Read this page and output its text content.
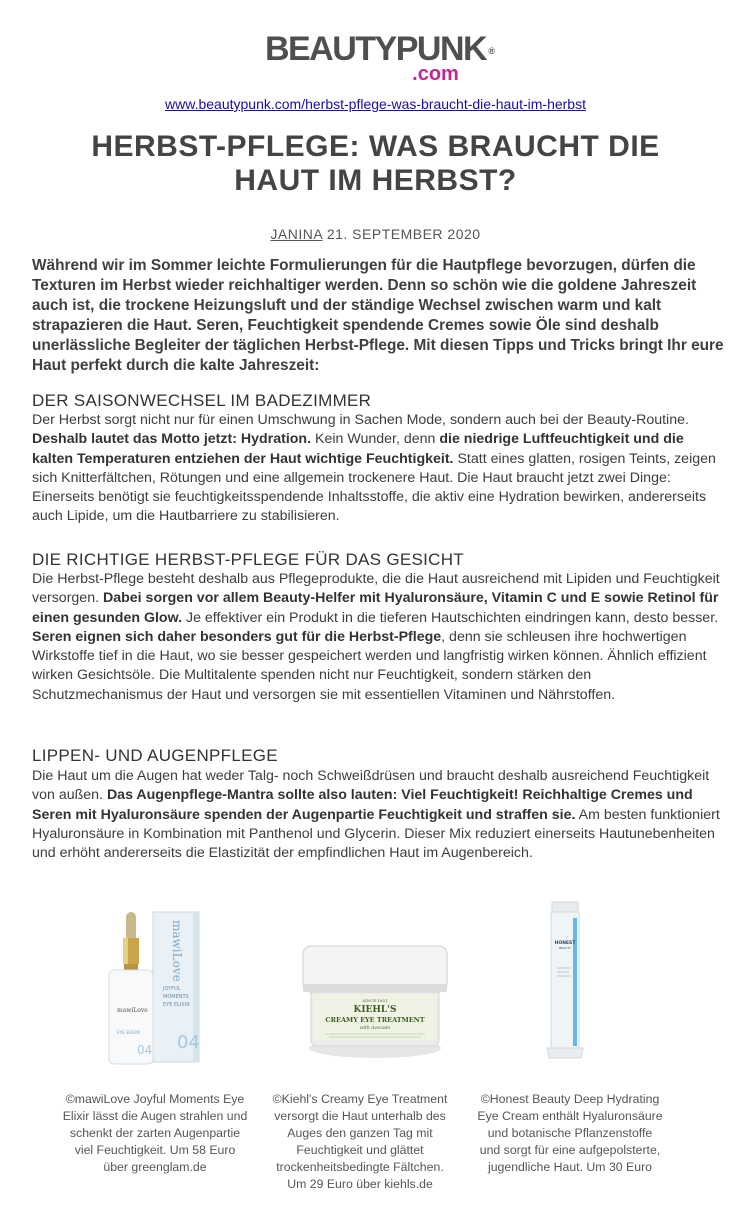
BEAUTYPUNK ®
.com
www.beautypunk.com/herbst-pflege-was-braucht-die-haut-im-herbst
HERBST-PFLEGE: WAS BRAUCHT DIE
HAUT IM HERBST?
JANINA 21. SEPTEMBER 2020

Während wir im Sommer leichte Formulierungen für die Hautpflege bevorzugen, dürfen die Texturen im Herbst wieder reichhaltiger werden. Denn so schön wie die goldene Jahreszeit auch ist, die trockene Heizungsluft und der ständige Wechsel zwischen warm und kalt strapazieren die Haut. Seren, Feuchtigkeit spendende Cremes sowie Öle sind deshalb unerlässliche Begleiter der täglichen Herbst-Pflege. Mit diesen Tipps und Tricks bringt Ihr eure Haut perfekt durch die kalte Jahreszeit:

DER SAISONWECHSEL IM BADEZIMMER

Der Herbst sorgt nicht nur für einen Umschwung in Sachen Mode, sondern auch bei der Beauty-Routine. Deshalb lautet das Motto jetzt: Hydration. Kein Wunder, denn die niedrige Luftfeuchtigkeit und die kalten Temperaturen entziehen der Haut wichtige Feuchtigkeit. Statt eines glatten, rosigen Teints, zeigen sich Knitterfältchen, Rötungen und eine allgemein trockenere Haut. Die Haut braucht jetzt zwei Dinge: Einerseits benötigt sie feuchtigkeitsspendende Inhaltsstoffe, die aktiv eine Hydration bewirken, andererseits auch Lipide, um die Hautbarriere zu stabilisieren.

DIE RICHTIGE HERBST-PFLEGE FÜR DAS GESICHT

Die Herbst-Pflege besteht deshalb aus Pflegeprodukte, die die Haut ausreichend mit Lipiden und Feuchtigkeit versorgen. Dabei sorgen vor allem Beauty-Helfer mit Hyaluronsäure, Vitamin C und E sowie Retinol für einen gesunden Glow. Je effektiver ein Produkt in die tieferen Hautschichten eindringen kann, desto besser. Seren eignen sich daher besonders gut für die Herbst-Pflege, denn sie schleusen ihre hochwertigen Wirkstoffe tief in die Haut, wo sie besser gespeichert werden und langfristig wirken können. Ähnlich effizient wirken Gesichtsöle. Die Multitalente spenden nicht nur Feuchtigkeit, sondern stärken den Schutzmechanismus der Haut und versorgen sie mit essentiellen Vitaminen und Nährstoffen.

LIPPEN- UND AUGENPFLEGE

Die Haut um die Augen hat weder Talg- noch Schweißdrüsen und braucht deshalb ausreichend Feuchtigkeit von außen. Das Augenpflege-Mantra sollte also lauten: Viel Feuchtigkeit! Reichhaltige Cremes und Seren mit Hyaluronsäure spenden der Augenpartie Feuchtigkeit und straffen sie. Am besten funktioniert Hyaluronsäure in Kombination mit Panthenol und Glycerin. Dieser Mix reduziert einerseits Hautunebenheiten und erhöht andererseits die Elastizität der empfindlichen Haut im Augenbereich.

mawiLove
JOYFUL
MOMENTS
EYE ELIXIR
04
mawiLove
EYE SERUM
04
SINCE 1851
KIEHL'S
CREAMY EYE TREATMENT
with Avocado
HONEST
BEAUTY
©mawiLove Joyful Moments Eye
Elixir lässt die Augen strahlen und
schenkt der zarten Augenpartie
viel Feuchtigkeit. Um 58 Euro
über greenglam.de
©Kiehl's Creamy Eye Treatment
versorgt die Haut unterhalb des
Auges den ganzen Tag mit
Feuchtigkeit und glättet
trockenheitsbedingte Fältchen.
Um 29 Euro über kiehls.de
©Honest Beauty Deep Hydrating
Eye Cream enthält Hyaluronsäure
und botanische Pflanzenstoffe
und sorgt für eine aufgepolsterte,
jugendliche Haut. Um 30 Euro
